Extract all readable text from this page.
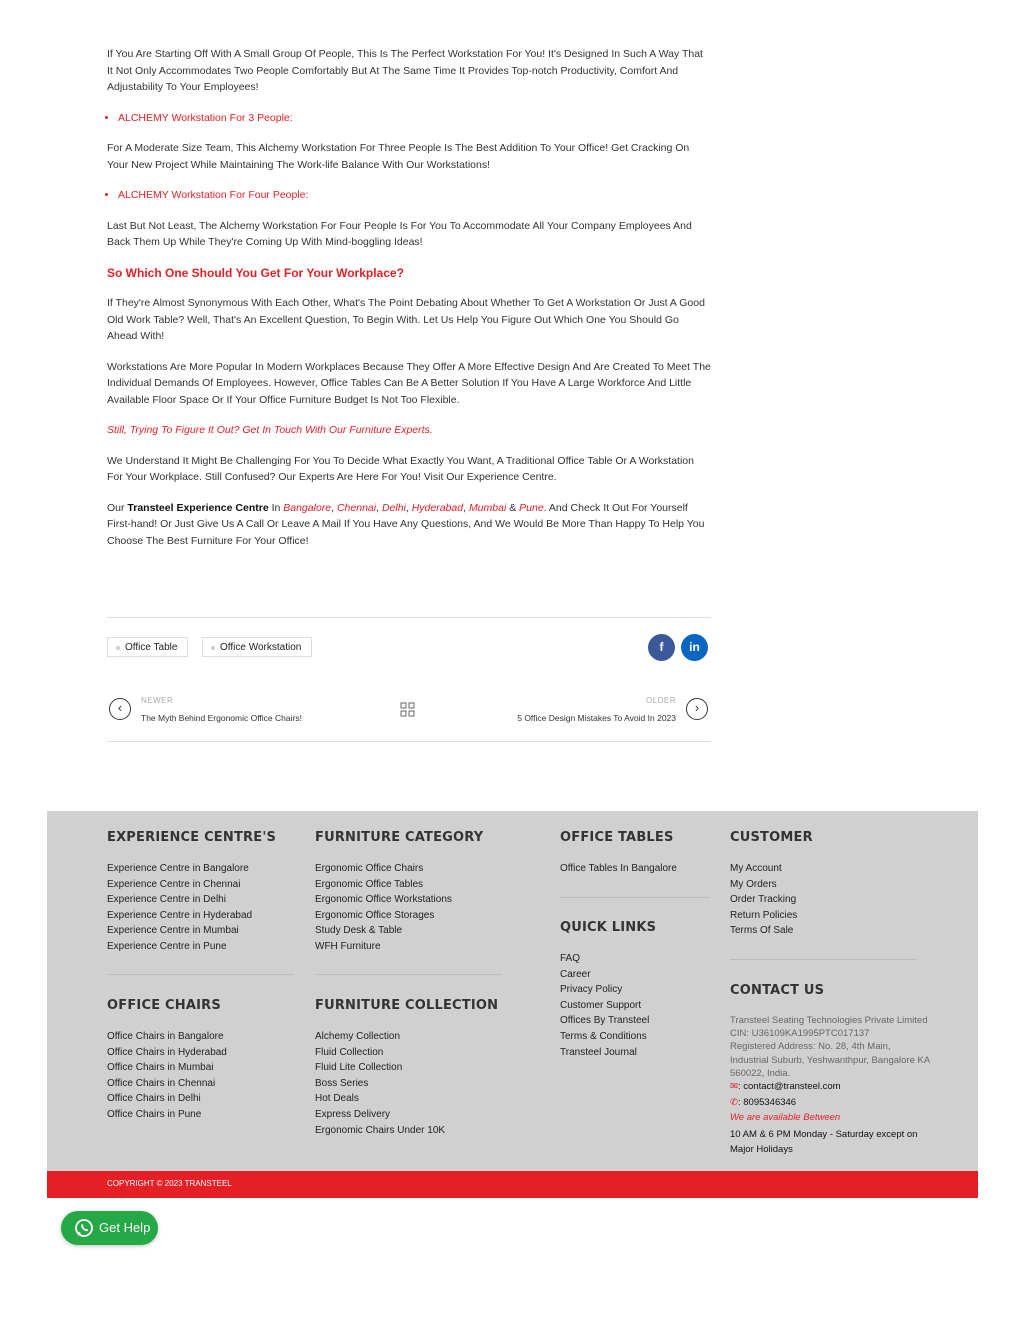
If You Are Starting Off With A Small Group Of People, This Is The Perfect Workstation For You! It's Designed In Such A Way That It Not Only Accommodates Two People Comfortably But At The Same Time It Provides Top-notch Productivity, Comfort And Adjustability To Your Employees!

• ALCHEMY Workstation For 3 People:

For A Moderate Size Team, This Alchemy Workstation For Three People Is The Best Addition To Your Office! Get Cracking On Your New Project While Maintaining The Work-life Balance With Our Workstations!

• ALCHEMY Workstation For Four People:

Last But Not Least, The Alchemy Workstation For Four People Is For You To Accommodate All Your Company Employees And Back Them Up While They're Coming Up With Mind-boggling Ideas!

So Which One Should You Get For Your Workplace?

If They're Almost Synonymous With Each Other, What's The Point Debating About Whether To Get A Workstation Or Just A Good Old Work Table? Well, That's An Excellent Question, To Begin With. Let Us Help You Figure Out Which One You Should Go Ahead With!

Workstations Are More Popular In Modern Workplaces Because They Offer A More Effective Design And Are Created To Meet The Individual Demands Of Employees. However, Office Tables Can Be A Better Solution If You Have A Large Workforce And Little Available Floor Space Or If Your Office Furniture Budget Is Not Too Flexible.

Still, Trying To Figure It Out? Get In Touch With Our Furniture Experts.

We Understand It Might Be Challenging For You To Decide What Exactly You Want, A Traditional Office Table Or A Workstation For Your Workplace. Still Confused? Our Experts Are Here For You! Visit Our Experience Centre.

Our Transteel Experience Centre In Bangalore, Chennai, Delhi, Hyderabad, Mumbai & Pune. And Check It Out For Yourself First-hand! Or Just Give Us A Call Or Leave A Mail If You Have Any Questions, And We Would Be More Than Happy To Help You Choose The Best Furniture For Your Office!

Office Table	Office Workstation	f	in
‹	NEWER
The Myth Behind Ergonomic Office Chairs!
OLDER
5 Office Design Mistakes To Avoid In 2023
›
EXPERIENCE CENTRE'S
Experience Centre in Bangalore
Experience Centre in Chennai
Experience Centre in Delhi
Experience Centre in Hyderabad
Experience Centre in Mumbai
Experience Centre in Pune
FURNITURE CATEGORY
Ergonomic Office Chairs
Ergonomic Office Tables
Ergonomic Office Workstations
Ergonomic Office Storages
Study Desk & Table
WFH Furniture
OFFICE TABLES
Office Tables In Bangalore
CUSTOMER
My Account
My Orders
Order Tracking
Return Policies
Terms Of Sale
QUICK LINKS
FAQ
Career
Privacy Policy
Customer Support
Offices By Transteel
Terms & Conditions
Transteel Journal
OFFICE CHAIRS
Office Chairs in Bangalore
Office Chairs in Hyderabad
Office Chairs in Mumbai
Office Chairs in Chennai
Office Chairs in Delhi
Office Chairs in Pune
FURNITURE COLLECTION
Alchemy Collection
Fluid Collection
Fluid Lite Collection
Boss Series
Hot Deals
Express Delivery
Ergonomic Chairs Under 10K
CONTACT US
Transteel Seating Technologies Private Limited
CIN: U36109KA1995PTC017137
Registered Address: No. 28, 4th Main, Industrial Suburb, Yeshwanthpur, Bangalore KA 560022, India.
✉: contact@transteel.com
✆: 8095346346
We are available Between
10 AM & 6 PM Monday - Saturday except on Major Holidays
COPYRIGHT © 2023 TRANSTEEL
Get Help
